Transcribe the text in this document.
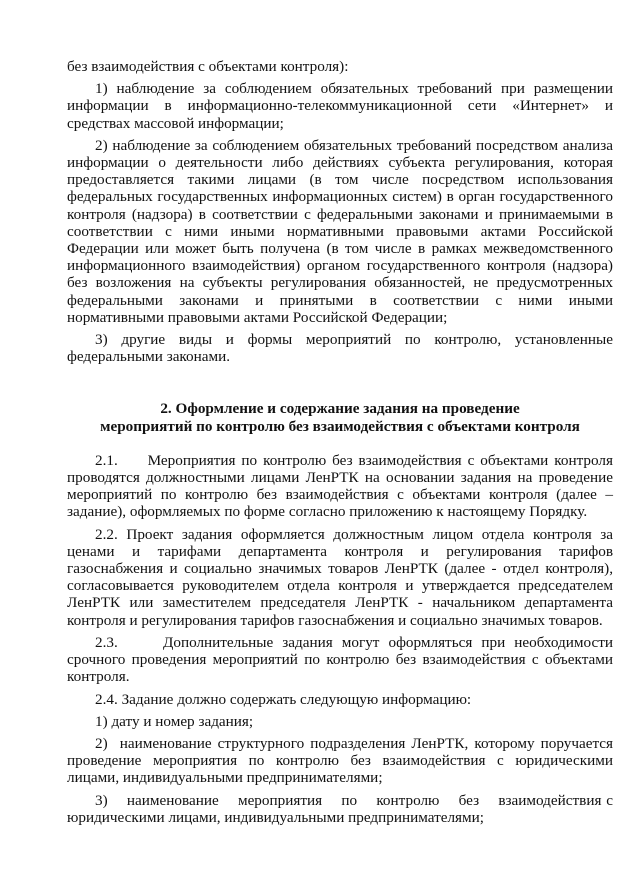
без взаимодействия с объектами контроля):

1) наблюдение за соблюдением обязательных требований при размещении информации в информационно-телекоммуникационной сети «Интернет» и средствах массовой информации;

2) наблюдение за соблюдением обязательных требований посредством анализа информации о деятельности либо действиях субъекта регулирования, которая предоставляется такими лицами (в том числе посредством использования федеральных государственных информационных систем) в орган государственного контроля (надзора) в соответствии с федеральными законами и принимаемыми в соответствии с ними иными нормативными правовыми актами Российской Федерации или может быть получена (в том числе в рамках межведомственного информационного взаимодействия) органом государственного контроля (надзора) без возложения на субъекты регулирования обязанностей, не предусмотренных федеральными законами и принятыми в соответствии с ними иными нормативными правовыми актами Российской Федерации;

3) другие виды и формы мероприятий по контролю, установленные федеральными законами.

2. Оформление и содержание задания на проведение

мероприятий по контролю без взаимодействия с объектами контроля

2.1.     Мероприятия по контролю без взаимодействия с объектами контроля проводятся должностными лицами ЛенРТК на основании задания на проведение мероприятий по контролю без взаимодействия с объектами контроля (далее – задание), оформляемых по форме согласно приложению к настоящему Порядку.

2.2. Проект задания оформляется должностным лицом отдела контроля за ценами и тарифами департамента контроля и регулирования тарифов газоснабжения и социально значимых товаров ЛенРТК (далее - отдел контроля), согласовывается руководителем отдела контроля и утверждается председателем ЛенРТК или заместителем председателя ЛенРТК - начальником департамента контроля и регулирования тарифов газоснабжения и социально значимых товаров.

2.3.     Дополнительные задания могут оформляться при необходимости срочного проведения мероприятий по контролю без взаимодействия с объектами контроля.

2.4. Задание должно содержать следующую информацию:

1) дату и номер задания;

2)  наименование структурного подразделения ЛенРТК, которому поручается проведение мероприятия по контролю без взаимодействия с юридическими лицами, индивидуальными предпринимателями;

3)    наименование    мероприятия    по    контролю    без    взаимодействия с юридическими лицами, индивидуальными предпринимателями;
